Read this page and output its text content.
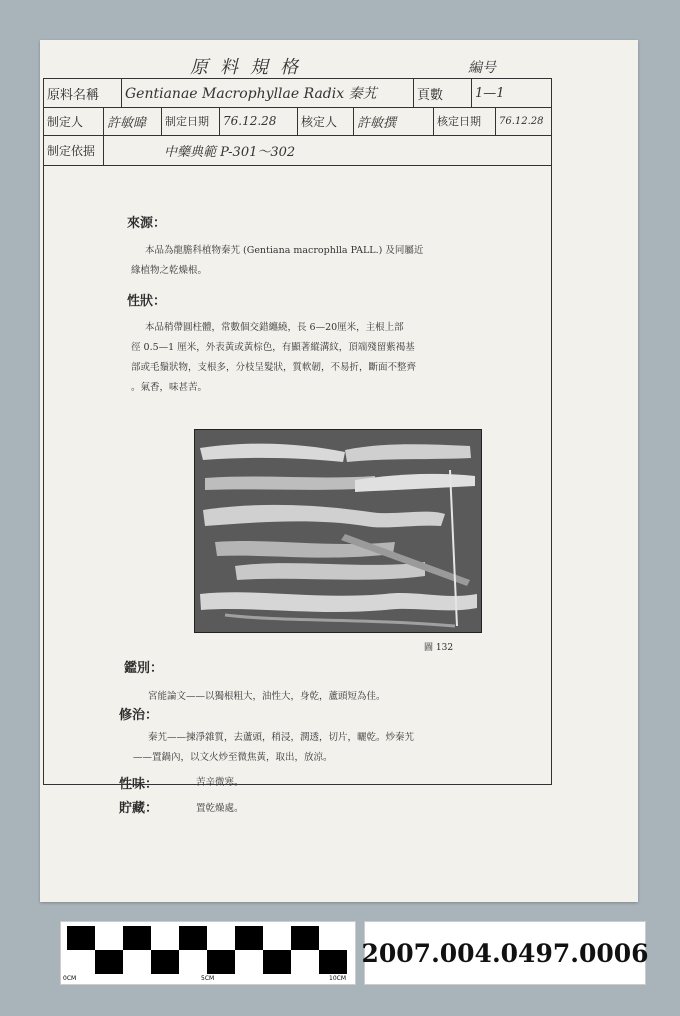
原料規格	編号
原料名稱	Gentianae Macrophyllae Radix 秦艽	頁數	1—1
制定人	許敏暐	制定日期	76.12.28	核定人	許敏撰	核定日期	76.12.28
制定依据	中藥典範 P-301～302
來源：
本品為龍膽科植物秦艽 (Gentiana macrophlla PALL.) 及同屬近
緣植物之乾燥根。
性狀：
本品稍帶圓柱體，常數個交錯纏繞，長 6—20厘米，主根上部
徑 0.5—1 厘米，外表黃或黃棕色，有顯著縱溝紋，頂端殘留紫褐基
部或毛鬚狀物，支根多，分枝呈髮狀，質軟韌，不易折，斷面不整齊
。氣香，味甚苦。
圖 132
鑑別：
宮能論文——以獨根粗大，油性大，身乾，蘆頭短為佳。
修治：
秦艽——揀淨雜質，去蘆頭，稍浸，潤透，切片，曬乾。炒秦艽
——置鍋內，以文火炒至微焦黃，取出，放涼。
性味：	苦辛微寒。
貯藏：	置乾燥處。
0CM	5CM	10CM
2007.004.0497.0006
